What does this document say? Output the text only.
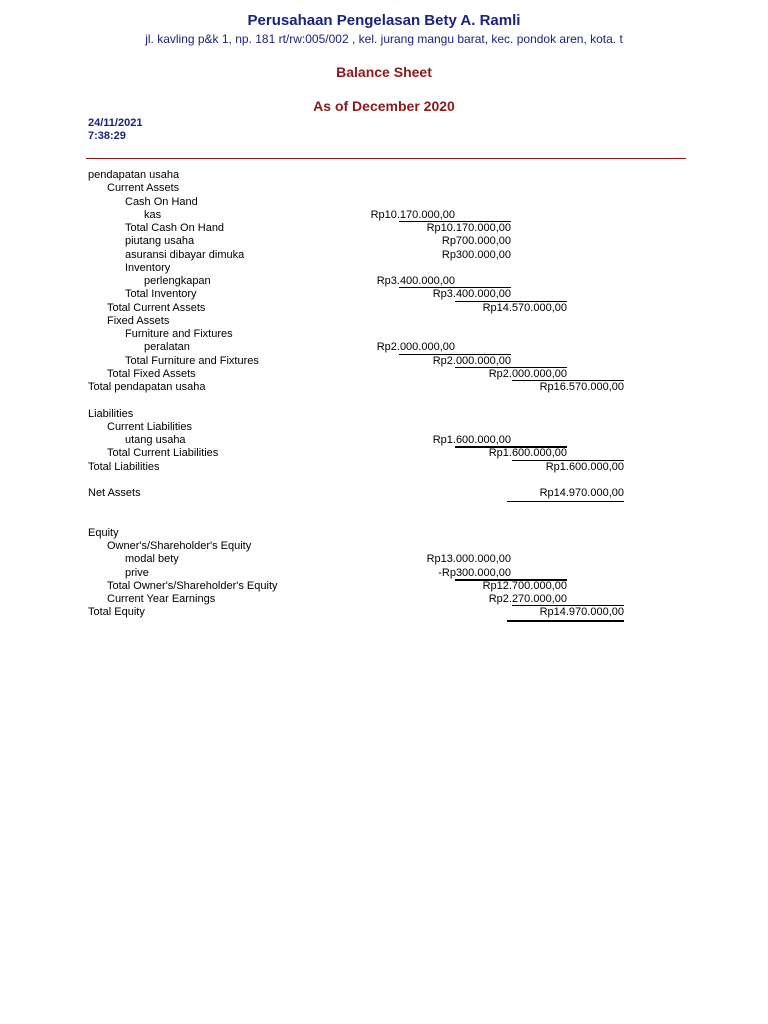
Perusahaan Pengelasan Bety A. Ramli
jl. kavling p&k 1, np. 181 rt/rw:005/002 , kel. jurang mangu barat, kec. pondok aren, kota. t
Balance Sheet
As of December 2020
24/11/2021
7:38:29
pendapatan usaha
Current Assets
Cash On Hand
kas	Rp10.170.000,00
Total Cash On Hand	Rp10.170.000,00
piutang usaha	Rp700.000,00
asuransi dibayar dimuka	Rp300.000,00
Inventory
perlengkapan	Rp3.400.000,00
Total Inventory	Rp3.400.000,00
Total Current Assets	Rp14.570.000,00
Fixed Assets
Furniture and Fixtures
peralatan	Rp2.000.000,00
Total Furniture and Fixtures	Rp2.000.000,00
Total Fixed Assets	Rp2.000.000,00
Total pendapatan usaha	Rp16.570.000,00
Liabilities
Current Liabilities
utang usaha	Rp1.600.000,00
Total Current Liabilities	Rp1.600.000,00
Total Liabilities	Rp1.600.000,00
Net Assets	Rp14.970.000,00
Equity
Owner's/Shareholder's Equity
modal bety	Rp13.000.000,00
prive	-Rp300.000,00
Total Owner's/Shareholder's Equity	Rp12.700.000,00
Current Year Earnings	Rp2.270.000,00
Total Equity	Rp14.970.000,00
